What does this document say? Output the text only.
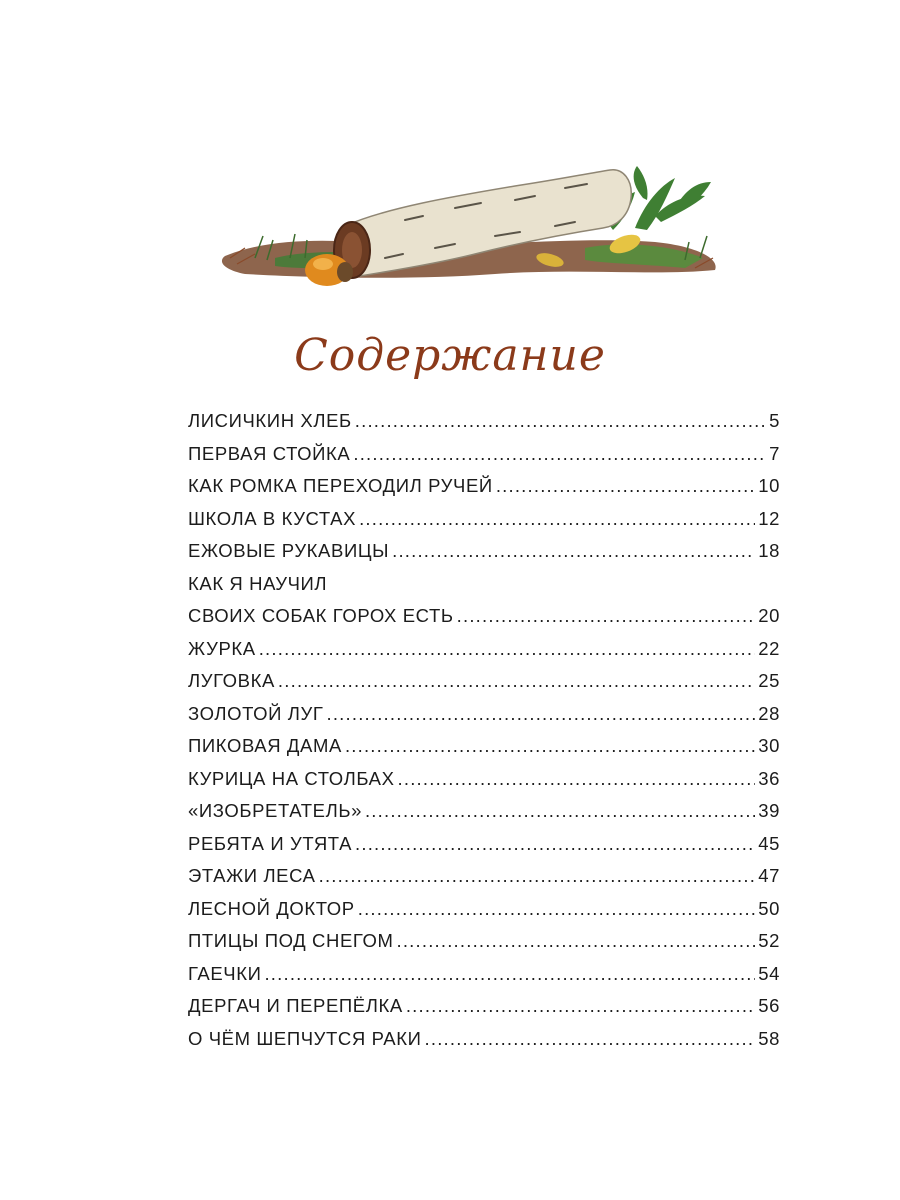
Содержание
ЛИСИЧКИН ХЛЕБ .....	5
ПЕРВАЯ СТОЙКА .....	7
КАК РОМКА ПЕРЕХОДИЛ РУЧЕЙ .....	10
ШКОЛА В КУСТАХ .....	12
ЕЖОВЫЕ РУКАВИЦЫ .....	18
КАК Я НАУЧИЛ
СВОИХ СОБАК ГОРОХ ЕСТЬ .....	20
ЖУРКА .....	22
ЛУГОВКА .....	25
ЗОЛОТОЙ ЛУГ .....	28
ПИКОВАЯ ДАМА .....	30
КУРИЦА НА СТОЛБАХ .....	36
«ИЗОБРЕТАТЕЛЬ» .....	39
РЕБЯТА И УТЯТА .....	45
ЭТАЖИ ЛЕСА .....	47
ЛЕСНОЙ ДОКТОР .....	50
ПТИЦЫ ПОД СНЕГОМ .....	52
ГАЕЧКИ .....	54
ДЕРГАЧ И ПЕРЕПЁЛКА .....	56
О ЧЁМ ШЕПЧУТСЯ РАКИ .....	58
